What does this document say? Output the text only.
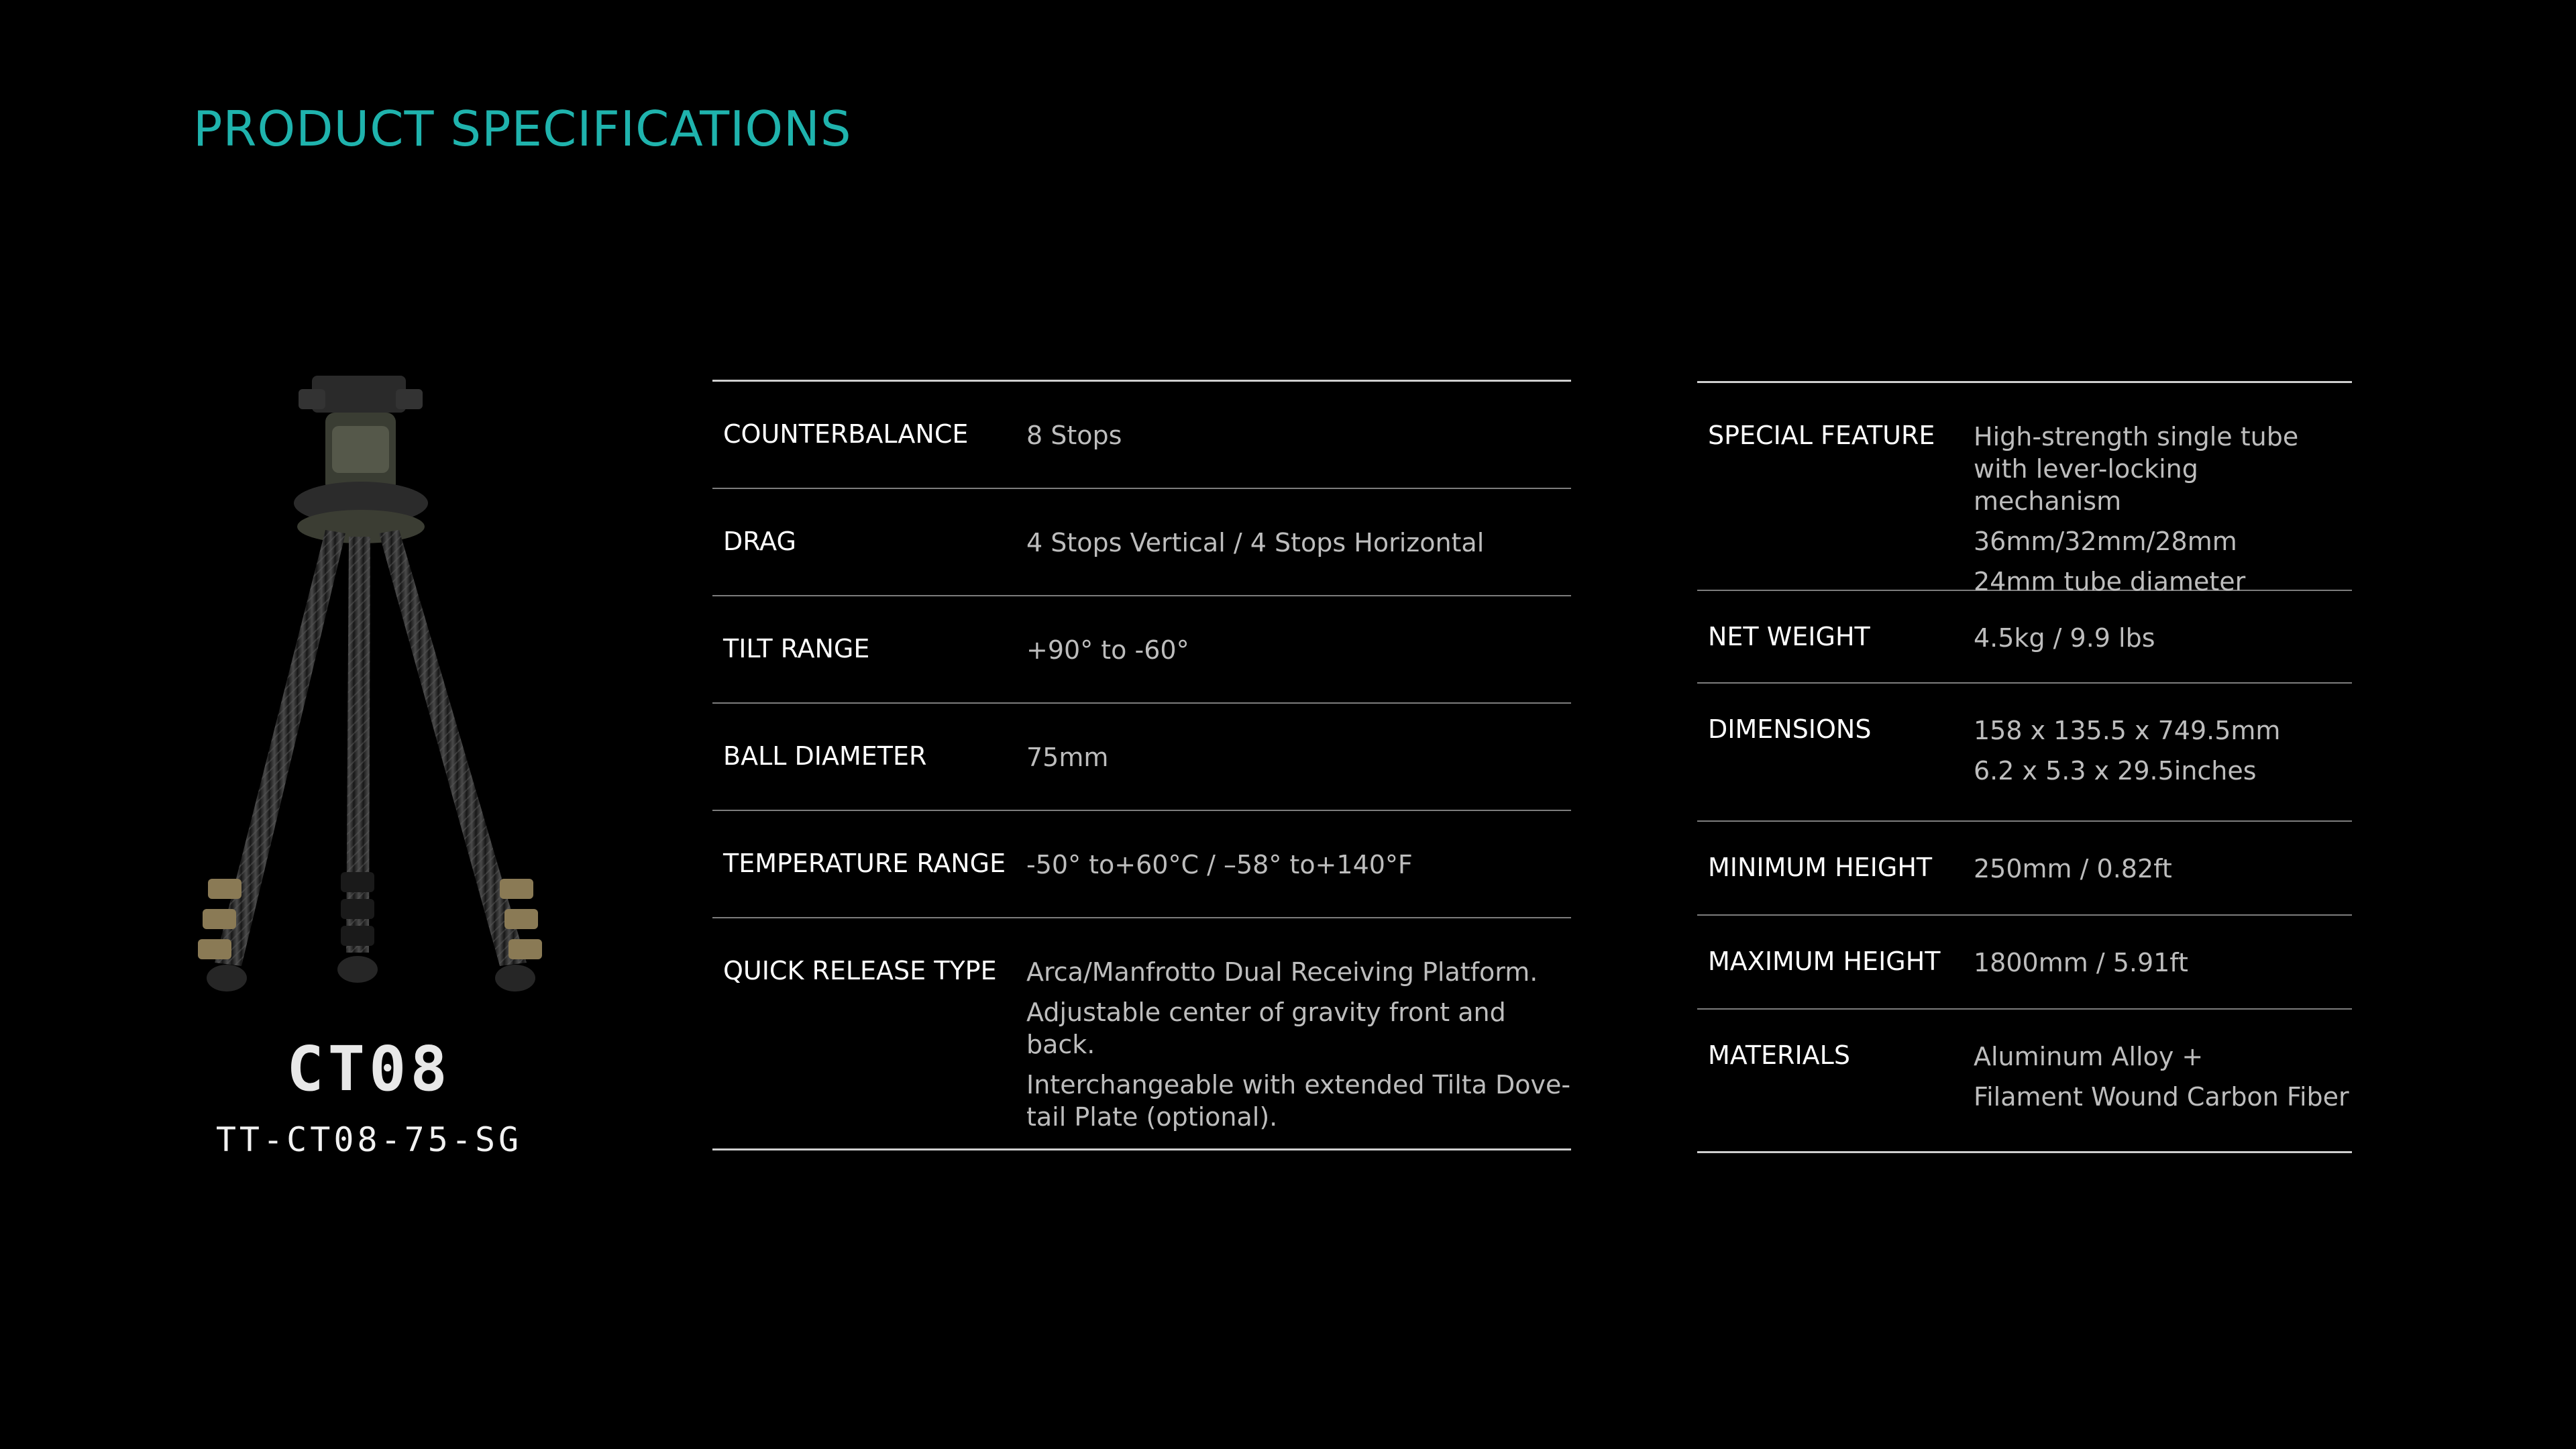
PRODUCT SPECIFICATIONS
CT08
TT-CT08-75-SG
COUNTERBALANCE	8 Stops

DRAG	4 Stops Vertical / 4 Stops Horizontal

TILT RANGE	+90° to -60°

BALL DIAMETER	75mm

TEMPERATURE RANGE -50° to+60°C / –58° to+140°F

QUICK RELEASE TYPE	Arca/Manfrotto Dual Receiving Platform.

Adjustable center of gravity front and back.

Interchangeable with extended Tilta Dove-tail Plate (optional).

SPECIAL FEATURE	High-strength single tube with lever-locking mechanism

36mm/32mm/28mm

24mm tube diameter

NET WEIGHT	4.5kg / 9.9 lbs

DIMENSIONS	158 x 135.5 x 749.5mm

6.2 x 5.3 x 29.5inches

MINIMUM HEIGHT	250mm / 0.82ft

MAXIMUM HEIGHT	1800mm / 5.91ft

MATERIALS	Aluminum Alloy +

Filament Wound Carbon Fiber
